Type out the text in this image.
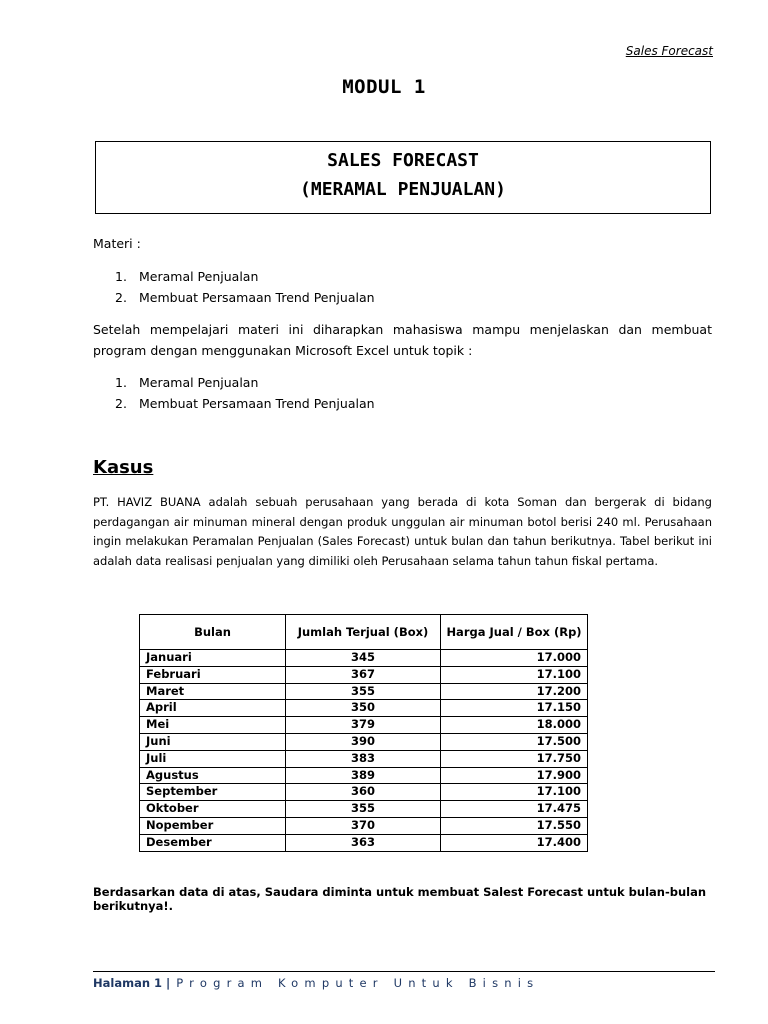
Sales Forecast
MODUL 1
SALES FORECAST
(MERAMAL PENJUALAN)
Materi :
1. Meramal Penjualan
2. Membuat Persamaan Trend Penjualan
Setelah mempelajari materi ini diharapkan mahasiswa mampu menjelaskan dan membuat program dengan menggunakan Microsoft Excel untuk topik :
1. Meramal Penjualan
2. Membuat Persamaan Trend Penjualan
Kasus
PT. HAVIZ BUANA adalah sebuah perusahaan yang berada di kota Soman dan bergerak di bidang perdagangan air minuman mineral dengan produk unggulan air minuman botol berisi 240 ml. Perusahaan ingin melakukan Peramalan Penjualan (Sales Forecast) untuk bulan dan tahun berikutnya. Tabel berikut ini adalah data realisasi penjualan yang dimiliki oleh Perusahaan selama tahun tahun fiskal pertama.
Bulan	Jumlah Terjual (Box)	Harga Jual / Box (Rp)
Januari	345	17.000
Februari	367	17.100
Maret	355	17.200
April	350	17.150
Mei	379	18.000
Juni	390	17.500
Juli	383	17.750
Agustus	389	17.900
September	360	17.100
Oktober	355	17.475
Nopember	370	17.550
Desember	363	17.400
Berdasarkan data di atas, Saudara diminta untuk membuat Salest Forecast untuk bulan-bulan berikutnya!.
Halaman 1 | Program Komputer Untuk Bisnis
